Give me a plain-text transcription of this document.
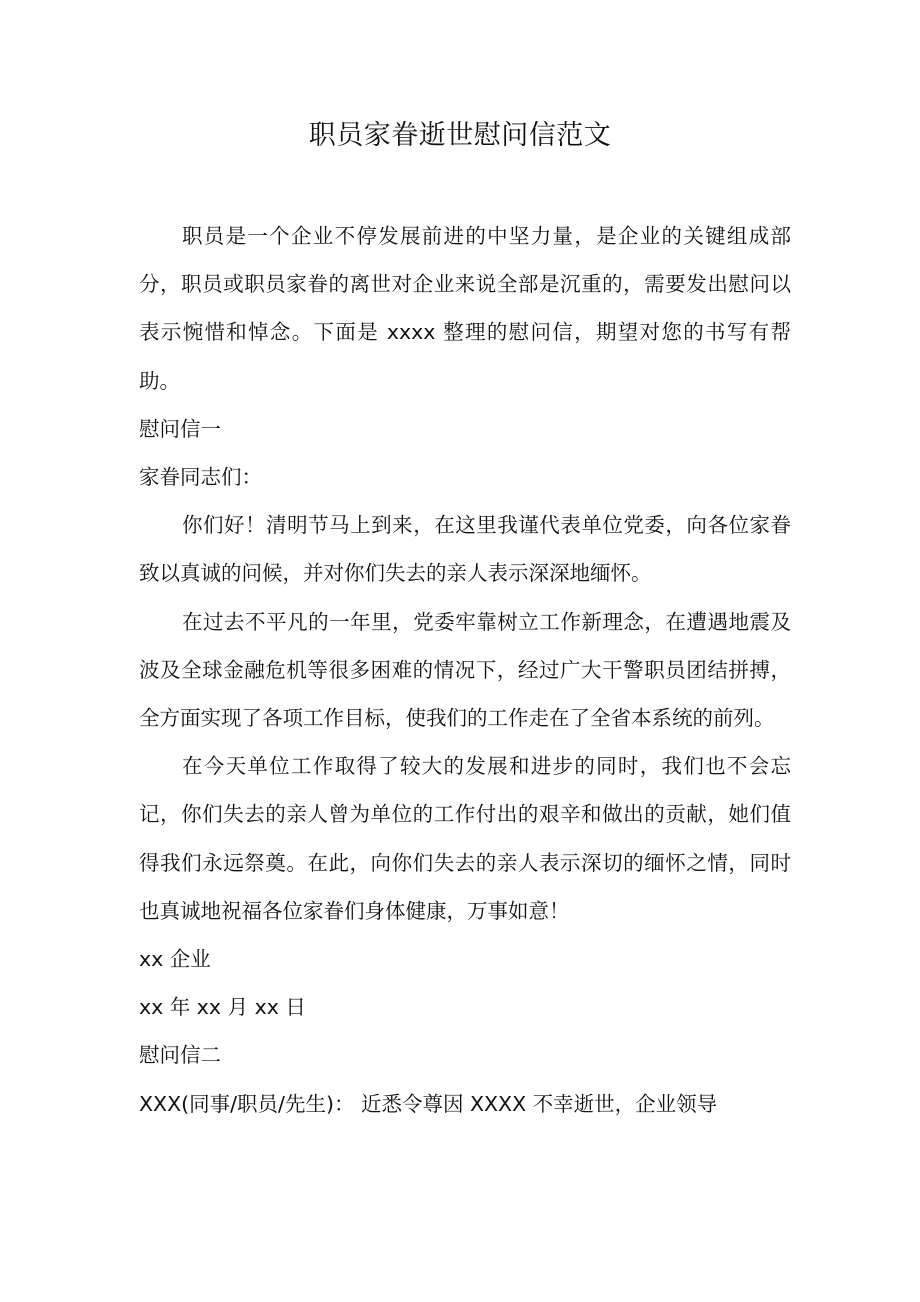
职员家眷逝世慰问信范文

职员是一个企业不停发展前进的中坚力量，是企业的关键组成部分，职员或职员家眷的离世对企业来说全部是沉重的，需要发出慰问以表示惋惜和悼念。下面是 xxxx 整理的慰问信，期望对您的书写有帮助。

慰问信一

家眷同志们：

你们好！清明节马上到来，在这里我谨代表单位党委，向各位家眷致以真诚的问候，并对你们失去的亲人表示深深地缅怀。

在过去不平凡的一年里，党委牢靠树立工作新理念，在遭遇地震及波及全球金融危机等很多困难的情况下，经过广大干警职员团结拼搏，全方面实现了各项工作目标，使我们的工作走在了全省本系统的前列。

在今天单位工作取得了较大的发展和进步的同时，我们也不会忘记，你们失去的亲人曾为单位的工作付出的艰辛和做出的贡献，她们值得我们永远祭奠。在此，向你们失去的亲人表示深切的缅怀之情，同时也真诚地祝福各位家眷们身体健康，万事如意！

xx 企业

xx 年 xx 月 xx 日

慰问信二

XXX(同事/职员/先生)： 近悉令尊因 XXXX 不幸逝世，企业领导
